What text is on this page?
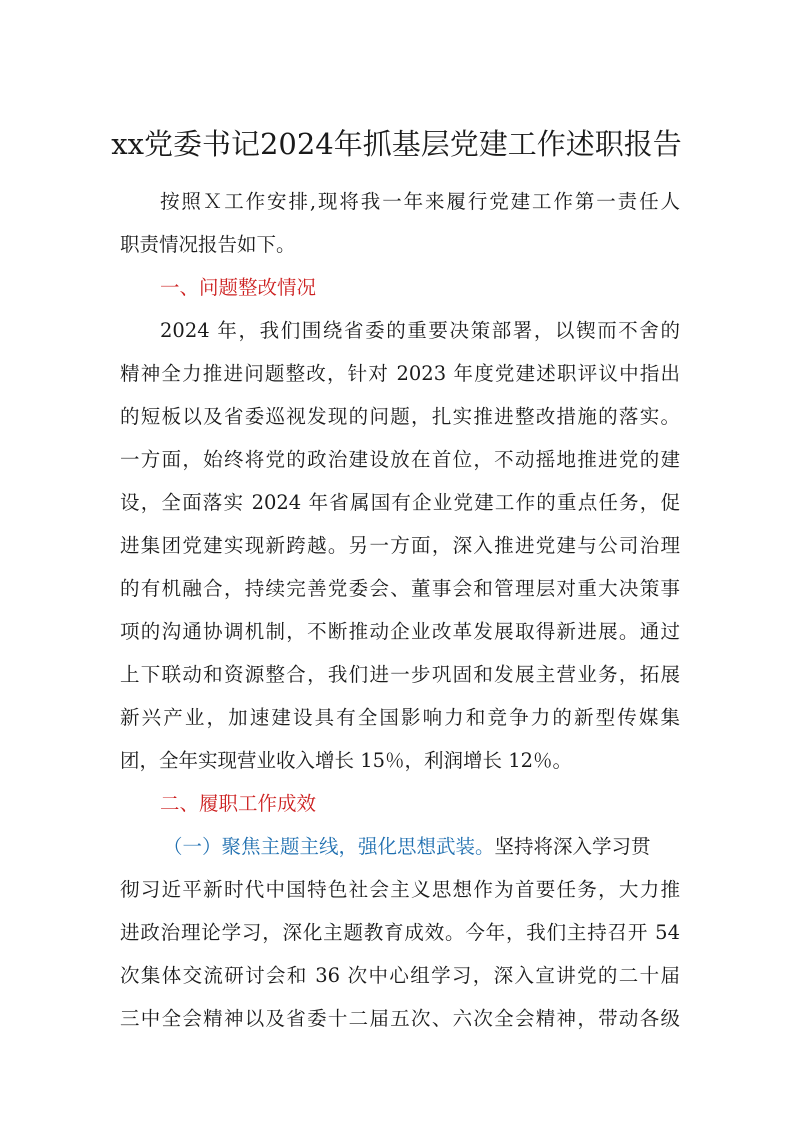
xx党委书记2024年抓基层党建工作述职报告
按照Ｘ工作安排,现将我一年来履行党建工作第一责任人
职责情况报告如下。
一、问题整改情况
2024 年，我们围绕省委的重要决策部署，以锲而不舍的
精神全力推进问题整改，针对 2023 年度党建述职评议中指出
的短板以及省委巡视发现的问题，扎实推进整改措施的落实。
一方面，始终将党的政治建设放在首位，不动摇地推进党的建
设，全面落实 2024 年省属国有企业党建工作的重点任务，促
进集团党建实现新跨越。另一方面，深入推进党建与公司治理
的有机融合，持续完善党委会、董事会和管理层对重大决策事
项的沟通协调机制，不断推动企业改革发展取得新进展。通过
上下联动和资源整合，我们进一步巩固和发展主营业务，拓展
新兴产业，加速建设具有全国影响力和竞争力的新型传媒集
团，全年实现营业收入增长 15％，利润增长 12％。
二、履职工作成效
（一）聚焦主题主线，强化思想武装。坚持将深入学习贯
彻习近平新时代中国特色社会主义思想作为首要任务，大力推
进政治理论学习，深化主题教育成效。今年，我们主持召开 54
次集体交流研讨会和 36 次中心组学习，深入宣讲党的二十届
三中全会精神以及省委十二届五次、六次全会精神，带动各级
